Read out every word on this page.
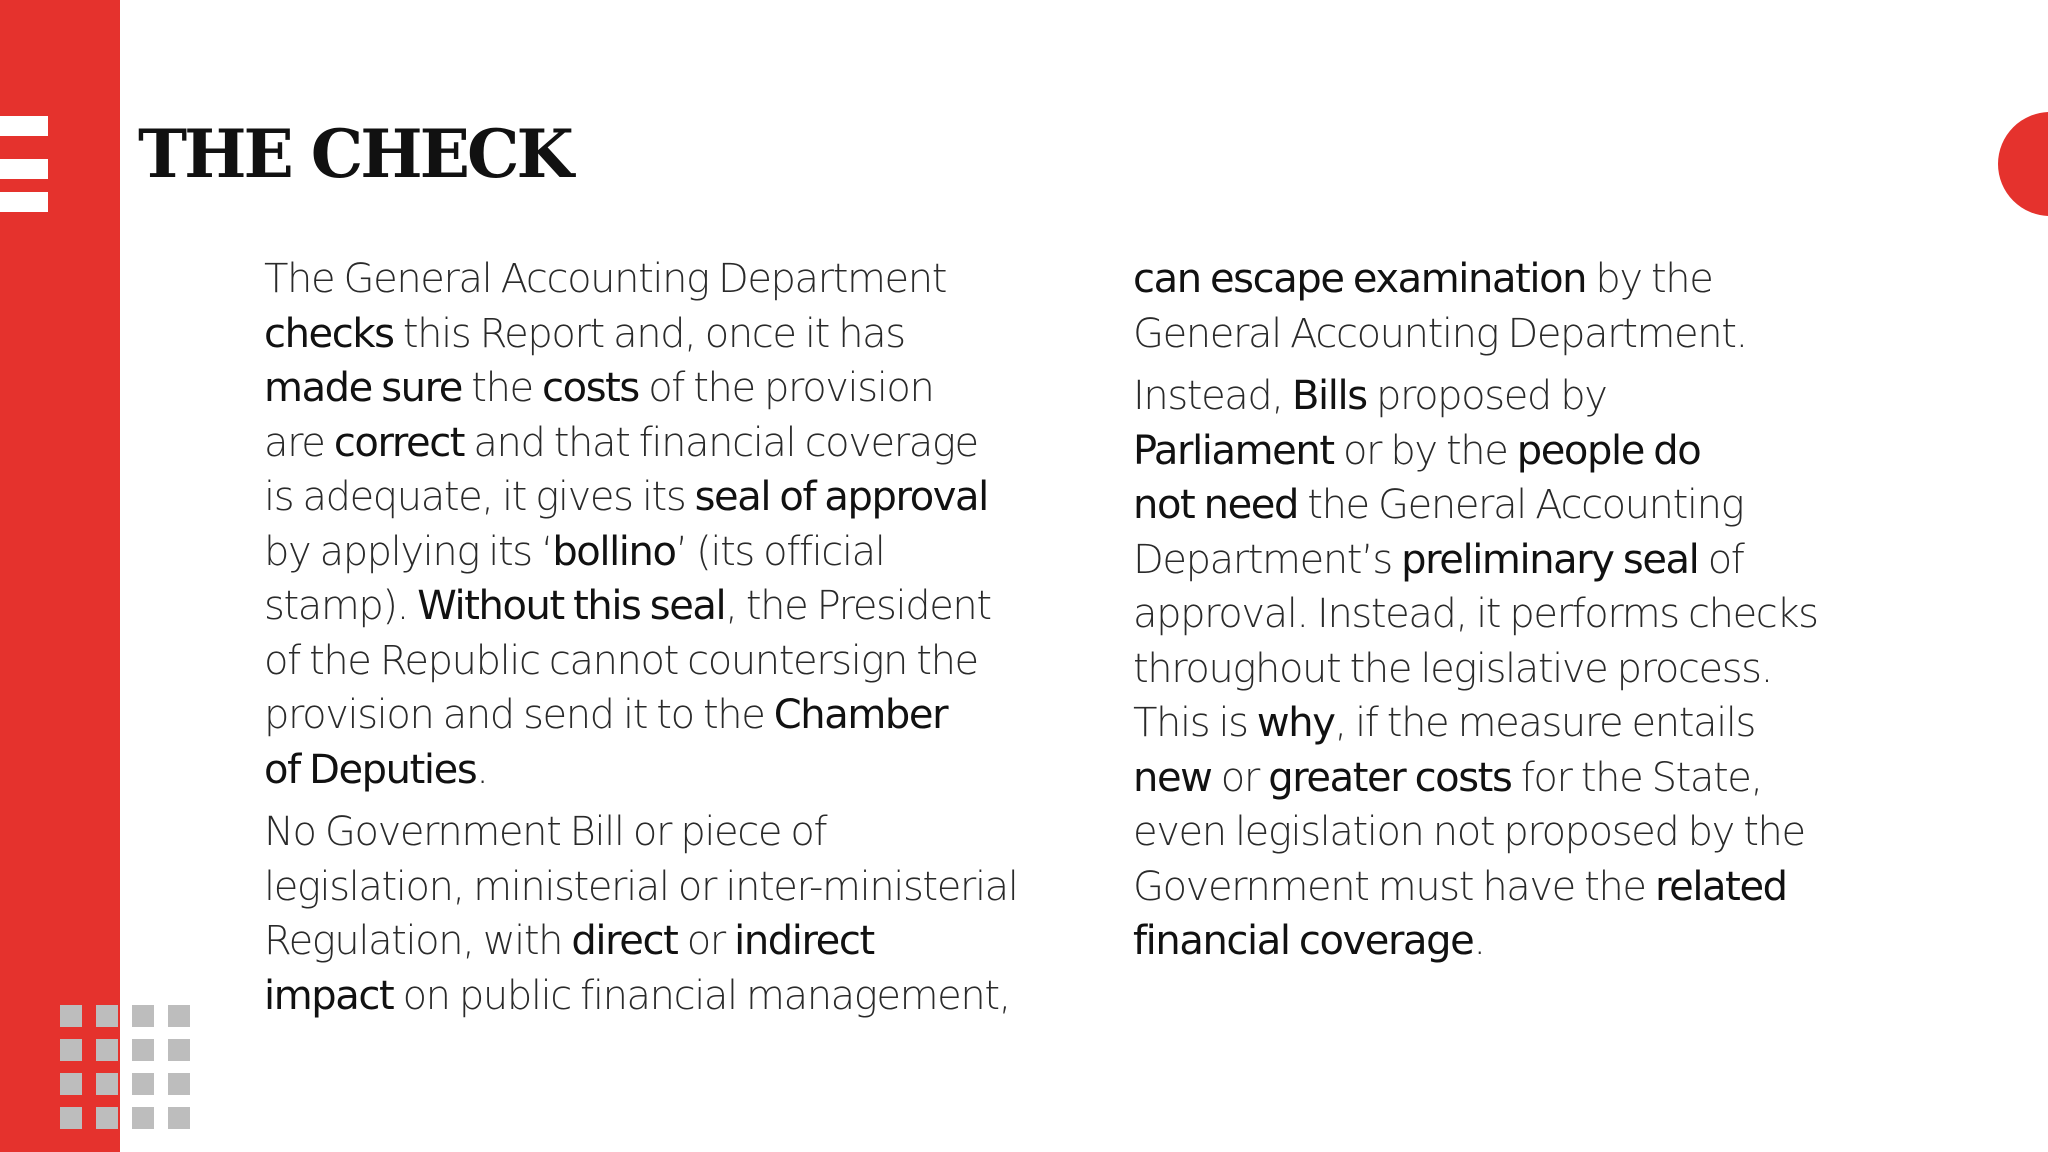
THE CHECK

The General Accounting Department
checks this Report and, once it has
made sure the costs of the provision
are correct and that financial coverage
is adequate, it gives its seal of approval
by applying its ‘bollino’ (its official
stamp). Without this seal, the President
of the Republic cannot countersign the
provision and send it to the Chamber
of Deputies.

No Government Bill or piece of
legislation, ministerial or inter-ministerial
Regulation, with direct or indirect
impact on public financial management,

can escape examination by the
General Accounting Department.

Instead, Bills proposed by
Parliament or by the people do
not need the General Accounting
Department’s preliminary seal of
approval. Instead, it performs checks
throughout the legislative process.
This is why, if the measure entails
new or greater costs for the State,
even legislation not proposed by the
Government must have the related
financial coverage.
